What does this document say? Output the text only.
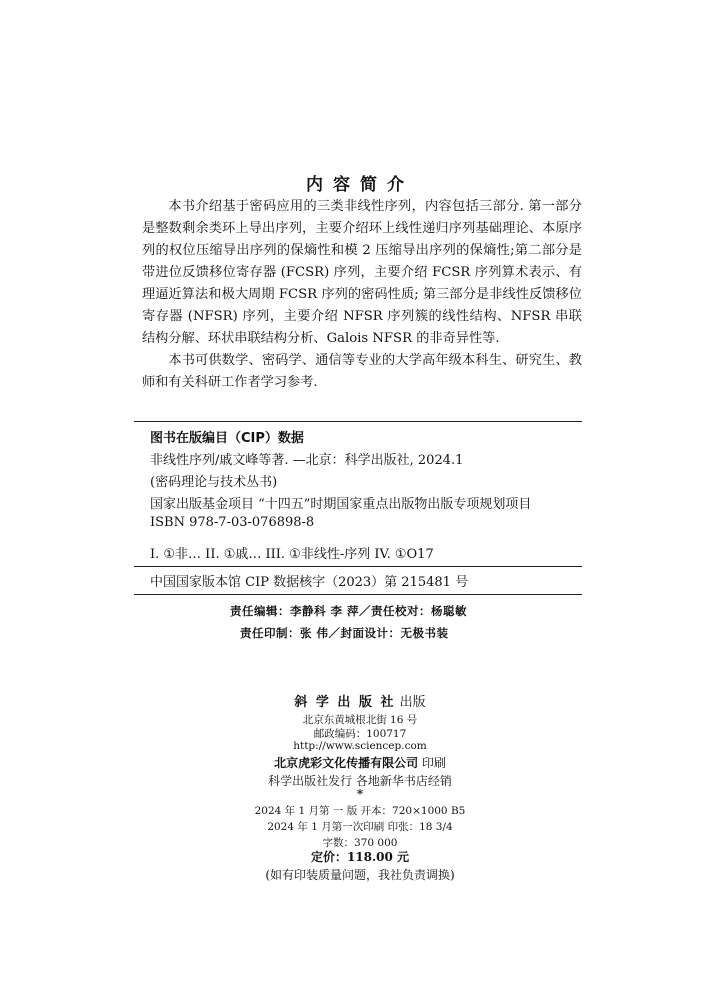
内容简介

本书介绍基于密码应用的三类非线性序列，内容包括三部分. 第一部分是整数剩余类环上导出序列，主要介绍环上线性递归序列基础理论、本原序列的权位压缩导出序列的保熵性和模 2 压缩导出序列的保熵性;第二部分是带进位反馈移位寄存器 (FCSR) 序列，主要介绍 FCSR 序列算术表示、有理逼近算法和极大周期 FCSR 序列的密码性质; 第三部分是非线性反馈移位寄存器 (NFSR) 序列，主要介绍 NFSR 序列簇的线性结构、NFSR 串联结构分解、环状串联结构分析、Galois NFSR 的非奇异性等.

本书可供数学、密码学、通信等专业的大学高年级本科生、研究生、教师和有关科研工作者学习参考.

图书在版编目（CIP）数据
非线性序列/戚文峰等著. —北京：科学出版社, 2024.1
(密码理论与技术丛书)
国家出版基金项目 “十四五”时期国家重点出版物出版专项规划项目
ISBN 978-7-03-076898-8
I. ①非… II. ①戚… III. ①非线性-序列 IV. ①O17
中国国家版本馆 CIP 数据核字（2023）第 215481 号
责任编辑：李静科 李 萍／责任校对：杨聪敏
责任印制：张 伟／封面设计：无极书装
斜 学 出 版 社 出版
北京东黄城根北街 16 号
邮政编码：100717
http://www.sciencep.com
北京虎彩文化传播有限公司 印刷
科学出版社发行 各地新华书店经销
*
2024 年 1 月第 一 版 开本：720×1000 B5
2024 年 1 月第一次印刷 印张：18 3/4
字数：370 000
定价：118.00 元
(如有印装质量问题，我社负责调换)
